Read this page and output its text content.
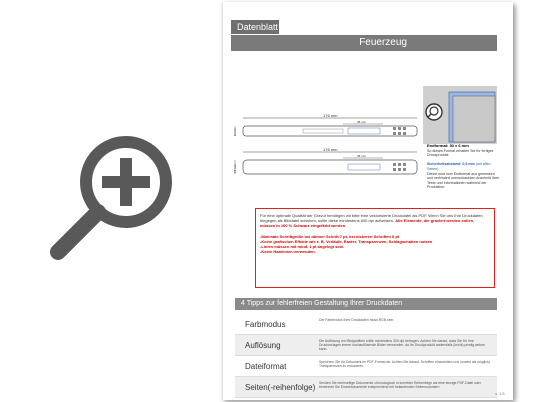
Datenblatt
Feuerzeug
176 mm
38 mm
8 mm
176 mm
38 mm
15 mm
Endformat: 30 x 6 mm
So dieses Format erhalten Sie Ihr fertiges Druckprodukt.

Sicherheitsabstand: 0,5 mm (auf allen Seiten)
Dieser wird vom Endformat aus gemessen und verhindert unerwünschten Anschnitt Ihrer Texte und Informationen während der Produktion.
Für eine optimale Qualität der Gravur benötigen wir bitte eine vektorisierte Druckdatei als PDF. Wenn Sie uns Ihre Druckdaten hingegen als Bilddatei schicken, sollte diese mindestens 600 dpi aufweisen. Alle Elemente, die graviert werden sollen, müssen in 100 % Schwarz eingefärbt werden.

-Minimale Schriftgröße bei dünner Schrift 7 pt, bei dickeren Schriften 6 pt
-Keine grafischen Effekte wie z. B. Verläufe, Raster, Transparenzen, Schlagschatten nutzen
-Linien müssen mit mind. 1 pt angelegt sein.
-Keine Haarlinien verwenden.
4 Tipps zur fehlerfreien Gestaltung Ihrer Druckdaten
Farbmodus	Der Farbmodus Ihrer Druckdaten muss RGB sein.
Auflösung	Die Auflösung von Bildgrafiken sollte mindestens 300 dpi betragen. Achten Sie darauf, dass Sie für Ihre Druckvorlagen immer hochauflösende Bilder verwenden, da Ihr Druckprodukt andernfalls (leicht) pixelig wirken kann.
Dateiformat	Speichern Sie Ihr Dokument im PDF-Format ab. Achten Sie darauf, Schriften einzubetten und (sowiet als möglich) Transparenzen zu reduzieren.
Seiten(-reihenfolge) Senden Sie mehrseitige Dokumente chronologisch in korrekter Reihenfolge als eine einzige PDF-Datei oder benennen Sie Einzeldokumente entsprechend mit fortlaufenden Seitennummern.
s. 1/1
